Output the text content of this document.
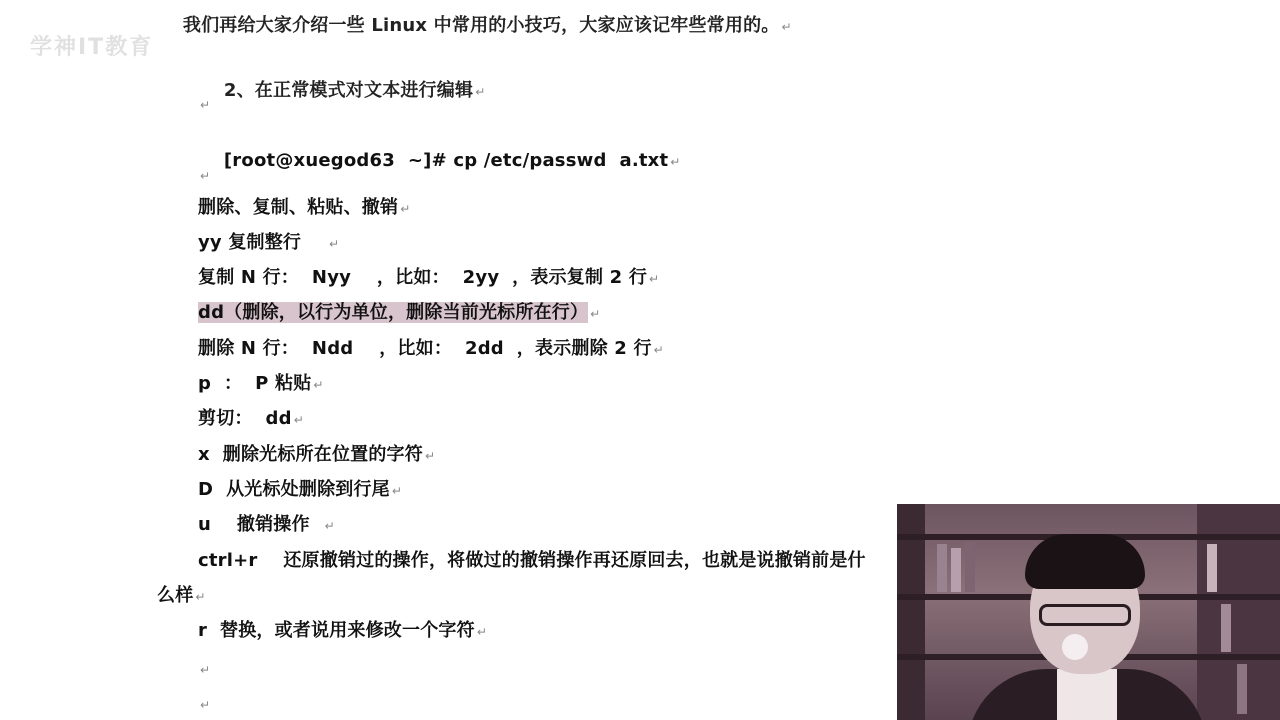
学神IT教育

我们再给大家介绍一些 Linux 中常用的小技巧，大家应该记牢些常用的。 ↵

2、在正常模式对文本进行编辑 ↵

↵

[root@xuegod63  ~]# cp /etc/passwd  a.txt ↵

↵
删除、复制、粘贴、撤销 ↵
yy 复制整行    ↵
复制 N 行：  Nyy    ，比如：  2yy  ，表示复制 2 行 ↵
dd（删除，以行为单位，删除当前光标所在行） ↵
删除 N 行：  Ndd    ，比如：  2dd  ，表示删除 2 行 ↵
p  ：  P 粘贴 ↵
剪切：  dd ↵
x  删除光标所在位置的字符 ↵
D  从光标处删除到行尾 ↵
u    撤销操作  ↵
ctrl+r    还原撤销过的操作，将做过的撤销操作再还原回去，也就是说撤销前是什
么样 ↵
r  替换，或者说用来修改一个字符 ↵
↵
↵
